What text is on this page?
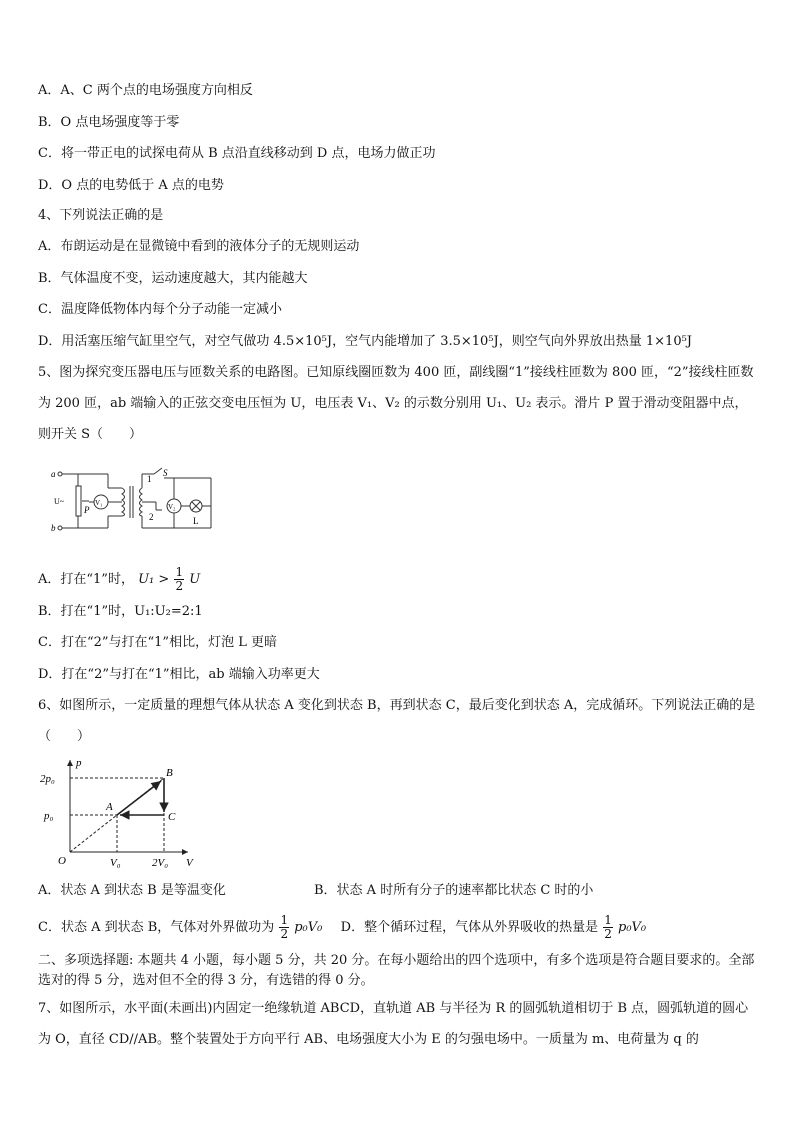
A．A、C 两个点的电场强度方向相反
B．O 点电场强度等于零
C．将一带正电的试探电荷从 B 点沿直线移动到 D 点，电场力做正功
D．O 点的电势低于 A 点的电势
4、下列说法正确的是
A．布朗运动是在显微镜中看到的液体分子的无规则运动
B．气体温度不变，运动速度越大，其内能越大
C．温度降低物体内每个分子动能一定减小
D．用活塞压缩气缸里空气，对空气做功 4.5×10⁵J，空气内能增加了 3.5×10⁵J，则空气向外界放出热量 1×10⁵J
5、图为探究变压器电压与匝数关系的电路图。已知原线圈匝数为 400 匝，副线圈“1”接线柱匝数为 800 匝，“2”接线柱匝数为 200 匝，ab 端输入的正弦交变电压恒为 U，电压表 V₁、V₂ 的示数分别用 U₁、U₂ 表示。滑片 P 置于滑动变阻器中点，则开关 S（　　）
a
b
U~
P
V₁
1
2
S
V₂
L
A．打在“1”时， $U_1 > \frac{1}{2}$ U
B．打在“1”时，U₁:U₂=2:1
C．打在“2”与打在“1”相比，灯泡 L 更暗
D．打在“2”与打在“1”相比，ab 端输入功率更大
6、如图所示，一定质量的理想气体从状态 A 变化到状态 B，再到状态 C，最后变化到状态 A，完成循环。下列说法正确的是（　　）
p
V
O
A
B
C
p₀
2p₀
V₀	2V₀
A．状态 A 到状态 B 是等温变化	B．状态 A 时所有分子的速率都比状态 C 时的小
C．状态 A 到状态 B，气体对外界做功为 $\frac{1}{2} p_0V_0$ D．整个循环过程，气体从外界吸收的热量是 $\frac{1}{2} p_0V_0$
二、多项选择题: 本题共 4 小题，每小题 5 分，共 20 分。在每小题给出的四个选项中，有多个选项是符合题目要求的。全部选对的得 5 分，选对但不全的得 3 分，有选错的得 0 分。
7、如图所示，水平面(未画出)内固定一绝缘轨道 ABCD，直轨道 AB 与半径为 R 的圆弧轨道相切于 B 点，圆弧轨道的圆心为 O，直径 CD//AB。整个装置处于方向平行 AB、电场强度大小为 E 的匀强电场中。一质量为 m、电荷量为 q 的
